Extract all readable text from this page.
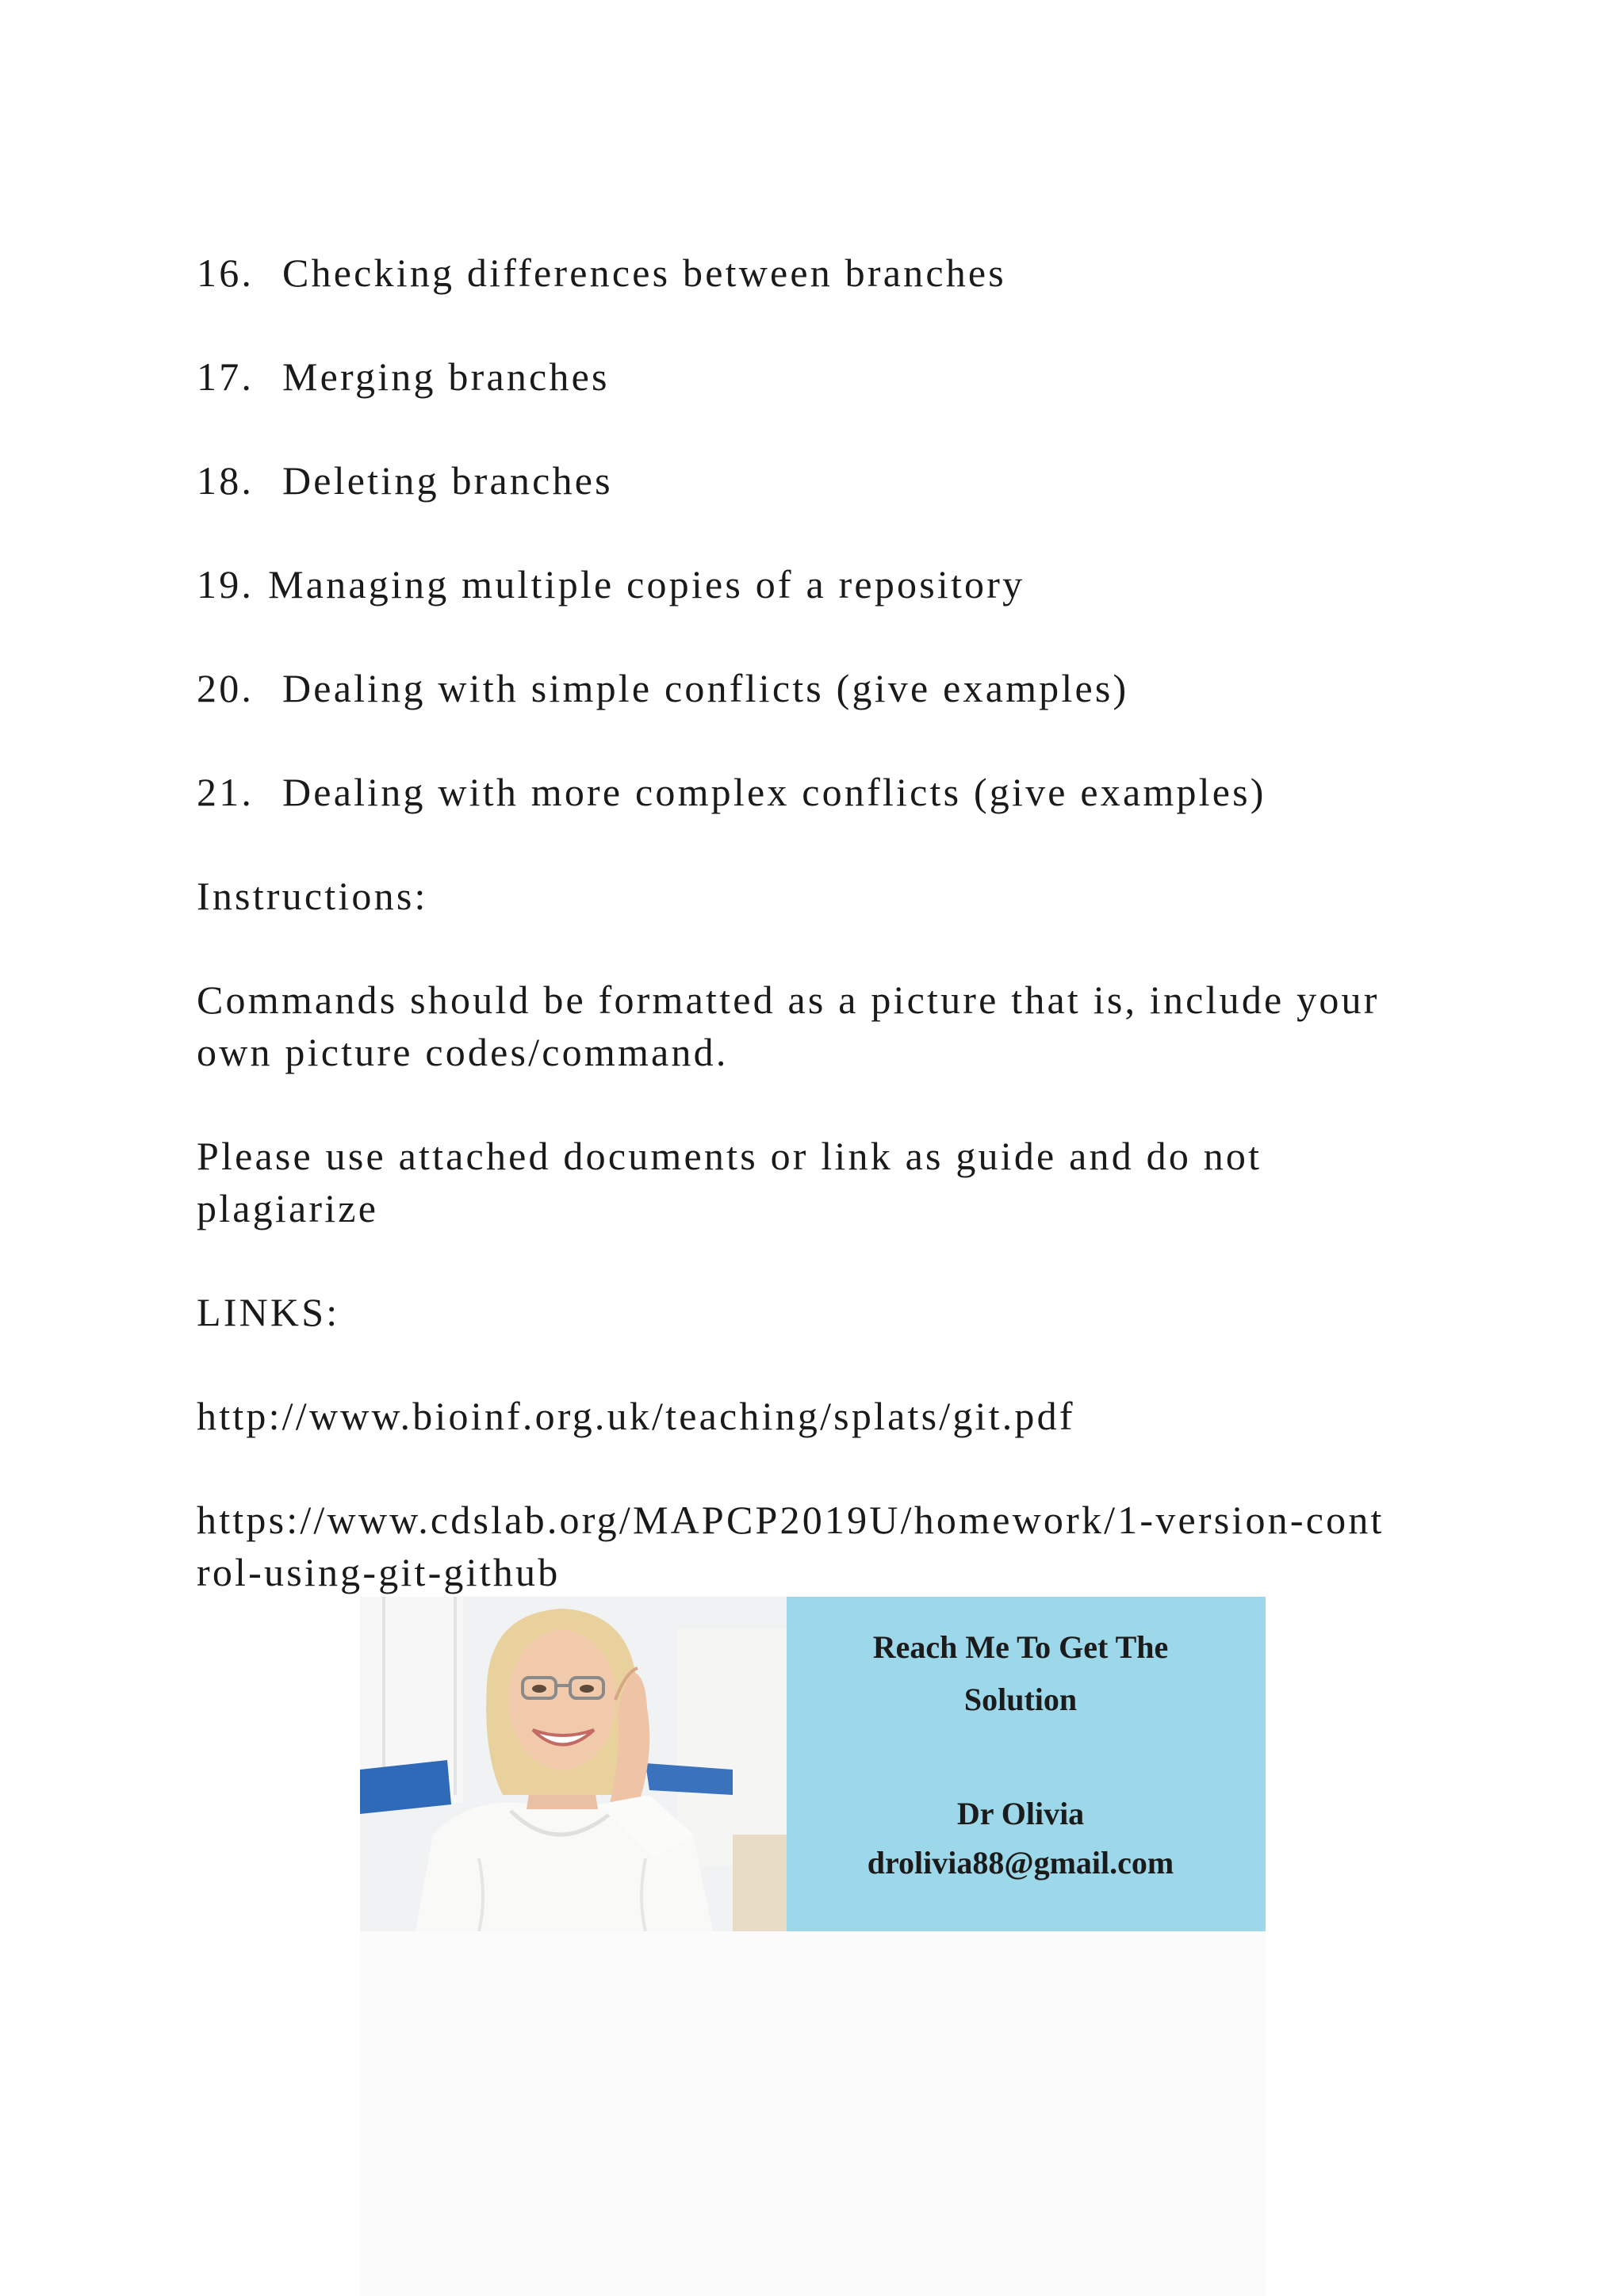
16. Checking differences between branches

17. Merging branches

18. Deleting branches

19. Managing multiple copies of a repository

20. Dealing with simple conflicts (give examples)

21. Dealing with more complex conflicts (give examples)

Instructions:

Commands should be formatted as a picture that is, include your own picture codes/command.

Please use attached documents or link as guide and do not plagiarize

LINKS:

http://www.bioinf.org.uk/teaching/splats/git.pdf

https://www.cdslab.org/MAPCP2019U/homework/1-version-control-using-git-github

Reach Me To Get The

Solution

Dr Olivia

drolivia88@gmail.com
